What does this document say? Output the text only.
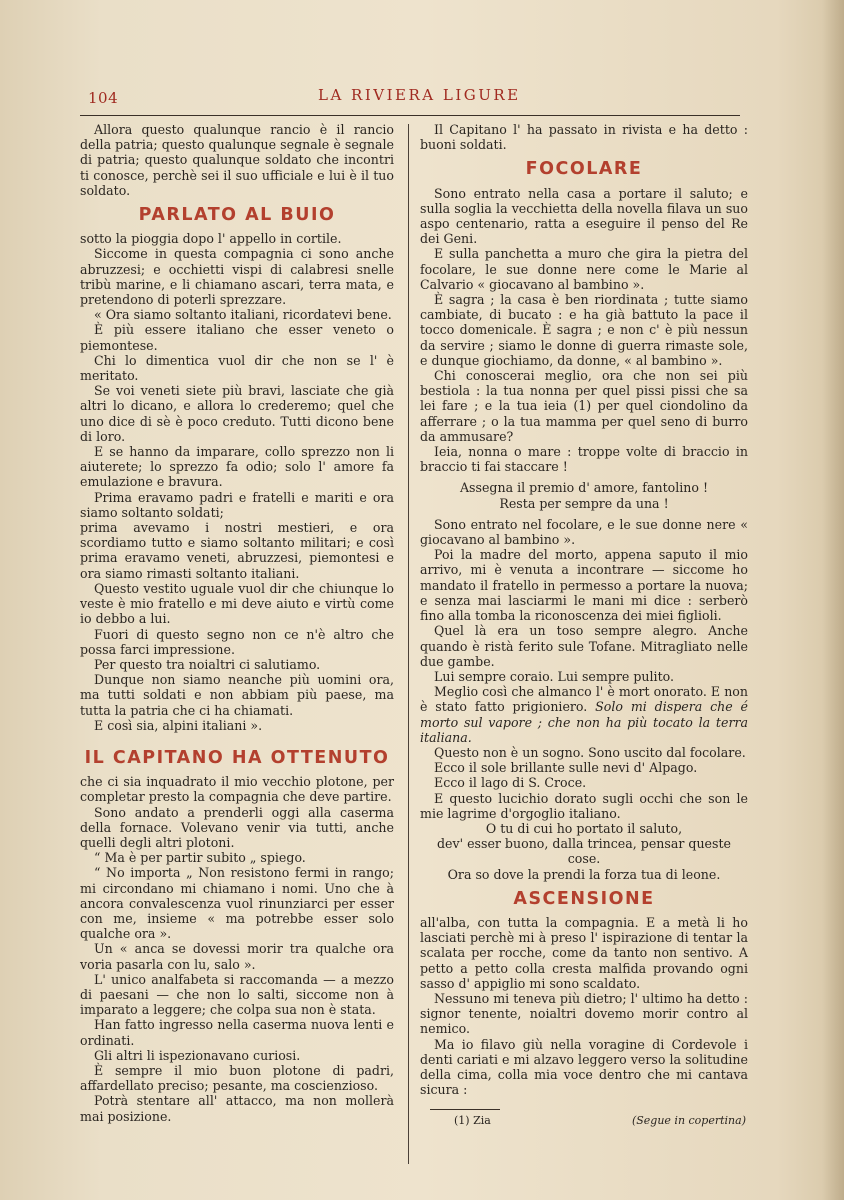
104	LA RIVIERA LIGURE

Allora questo qualunque rancio è il rancio della patria; questo qualunque segnale è segnale di patria; questo qualunque soldato che incontri ti conosce, perchè sei il suo ufficiale e lui è il tuo soldato.

PARLATO AL BUIO

sotto la pioggia dopo l' appello in cortile.

Siccome in questa compagnia ci sono anche abruzzesi; e occhietti vispi di calabresi snelle tribù marine, e li chiamano ascari, terra mata, e pretendono di poterli sprezzare.

« Ora siamo soltanto italiani, ricordatevi bene.

È più essere italiano che esser veneto o piemontese.

Chi lo dimentica vuol dir che non se l' è meritato.

Se voi veneti siete più bravi, lasciate che già altri lo dicano, e allora lo crederemo; quel che uno dice di sè è poco creduto. Tutti dicono bene di loro.

E se hanno da imparare, collo sprezzo non li aiuterete; lo sprezzo fa odio; solo l' amore fa emulazione e bravura.

Prima eravamo padri e fratelli e mariti e ora siamo soltanto soldati;

prima avevamo i nostri mestieri, e ora scordiamo tutto e siamo soltanto militari; e così prima eravamo veneti, abruzzesi, piemontesi e ora siamo rimasti soltanto italiani.

Questo vestito uguale vuol dir che chiunque lo veste è mio fratello e mi deve aiuto e virtù come io debbo a lui.

Fuori di questo segno non ce n'è altro che possa farci impressione.

Per questo tra noialtri ci salutiamo.

Dunque non siamo neanche più uomini ora, ma tutti soldati e non abbiam più paese, ma tutta la patria che ci ha chiamati.

E così sia, alpini italiani ».

IL CAPITANO HA OTTENUTO

che ci sia inquadrato il mio vecchio plotone, per completar presto la compagnia che deve partire.

Sono andato a prenderli oggi alla caserma della fornace. Volevano venir via tutti, anche quelli degli altri plotoni.

“ Ma è per partir subito „ spiego.

“ No importa „ Non resistono fermi in rango; mi circondano mi chiamano i nomi. Uno che à ancora convalescenza vuol rinunziarci per esser con me, insieme « ma potrebbe esser solo qualche ora ».

Un « anca se dovessi morir tra qualche ora voria pasarla con lu, salo ».

L' unico analfabeta si raccomanda — a mezzo di paesani — che non lo salti, siccome non à imparato a leggere; che colpa sua non è stata.

Han fatto ingresso nella caserma nuova lenti e ordinati.

Gli altri li ispezionavano curiosi.

È sempre il mio buon plotone di padri, affardellato preciso; pesante, ma coscienzioso.

Potrà stentare all' attacco, ma non mollerà mai posizione.

Il Capitano l' ha passato in rivista e ha detto : buoni soldati.

FOCOLARE

Sono entrato nella casa a portare il saluto; e sulla soglia la vecchietta della novella filava un suo aspo centenario, ratta a eseguire il penso del Re dei Geni.

E sulla panchetta a muro che gira la pietra del focolare, le sue donne nere come le Marie al Calvario « giocavano al bambino ».

È sagra ; la casa è ben riordinata ; tutte siamo cambiate, di bucato : e ha già battuto la pace il tocco domenicale. È sagra ; e non c' è più nessun da servire ; siamo le donne di guerra rimaste sole, e dunque giochiamo, da donne, « al bambino ».

Chi conoscerai meglio, ora che non sei più bestiola : la tua nonna per quel pissi pissi che sa lei fare ; e la tua ieia (1) per quel ciondolino da afferrare ; o la tua mamma per quel seno di burro da ammusare?

Ieia, nonna o mare : troppe volte di braccio in braccio ti fai staccare !

Assegna il premio d' amore, fantolino !
Resta per sempre da una !

Sono entrato nel focolare, e le sue donne nere « giocavano al bambino ».

Poi la madre del morto, appena saputo il mio arrivo, mi è venuta a incontrare — siccome ho mandato il fratello in permesso a portare la nuova; e senza mai lasciarmi le mani mi dice : serberò fino alla tomba la riconoscenza dei miei figlioli.

Quel là era un toso sempre alegro. Anche quando è ristà ferito sule Tofane. Mitragliato nelle due gambe.

Lui sempre coraio. Lui sempre pulito.

Meglio così che almanco l' è mort onorato. E non è stato fatto prigioniero. Solo mi dispera che é morto sul vapore ; che non ha più tocato la terra italiana.

Questo non è un sogno. Sono uscito dal focolare.

Ecco il sole brillante sulle nevi d' Alpago.

Ecco il lago di S. Croce.

E questo lucichio dorato sugli occhi che son le mie lagrime d'orgoglio italiano.

O tu di cui ho portato il saluto,
dev' esser buono, dalla trincea, pensar queste cose.
Ora so dove la prendi la forza tua di leone.
ASCENSIONE

all'alba, con tutta la compagnia. E a metà li ho lasciati perchè mi à preso l' ispirazione di tentar la scalata per rocche, come da tanto non sentivo. A petto a petto colla cresta malfida provando ogni sasso d' appiglio mi sono scaldato.

Nessuno mi teneva più dietro; l' ultimo ha detto : signor tenente, noialtri dovemo morir contro al nemico.

Ma io filavo giù nella voragine di Cordevole i denti cariati e mi alzavo leggero verso la solitudine della cima, colla mia voce dentro che mi cantava sicura :

(1) Zia	(Segue in copertina)
